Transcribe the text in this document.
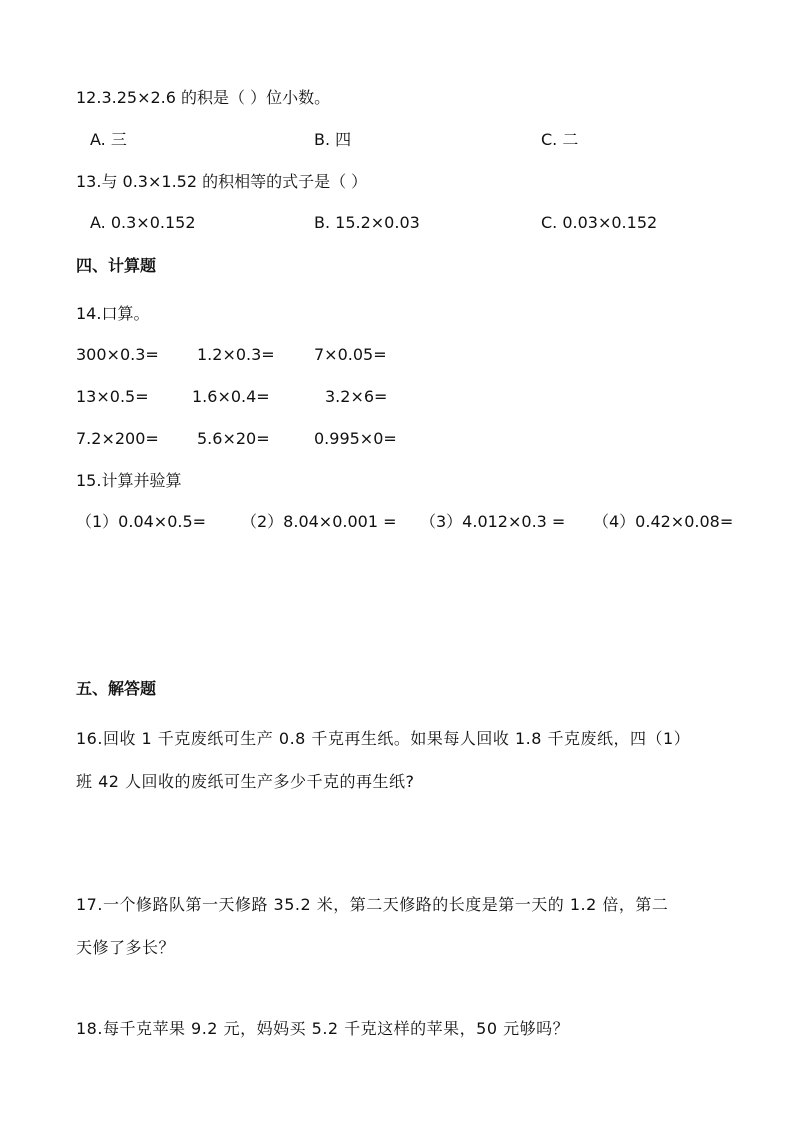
12.3.25×2.6 的积是（ ）位小数。
A. 三	B. 四	C. 二
13.与 0.3×1.52 的积相等的式子是（ ）
A. 0.3×0.152	B. 15.2×0.03	C. 0.03×0.152
四、计算题
14.口算。
300×0.3= 1.2×0.3= 7×0.05=
13×0.5=	1.6×0.4=	3.2×6=
7.2×200= 5.6×20=	0.995×0=
15.计算并验算
（1）0.04×0.5= （2）8.04×0.001 = （3）4.012×0.3 = （4）0.42×0.08=
五、解答题
16.回收 1 千克废纸可生产 0.8 千克再生纸。如果每人回收 1.8 千克废纸，四（1）
班 42 人回收的废纸可生产多少千克的再生纸?
17.一个修路队第一天修路 35.2 米，第二天修路的长度是第一天的 1.2 倍，第二
天修了多长？
18.每千克苹果 9.2 元，妈妈买 5.2 千克这样的苹果，50 元够吗？
